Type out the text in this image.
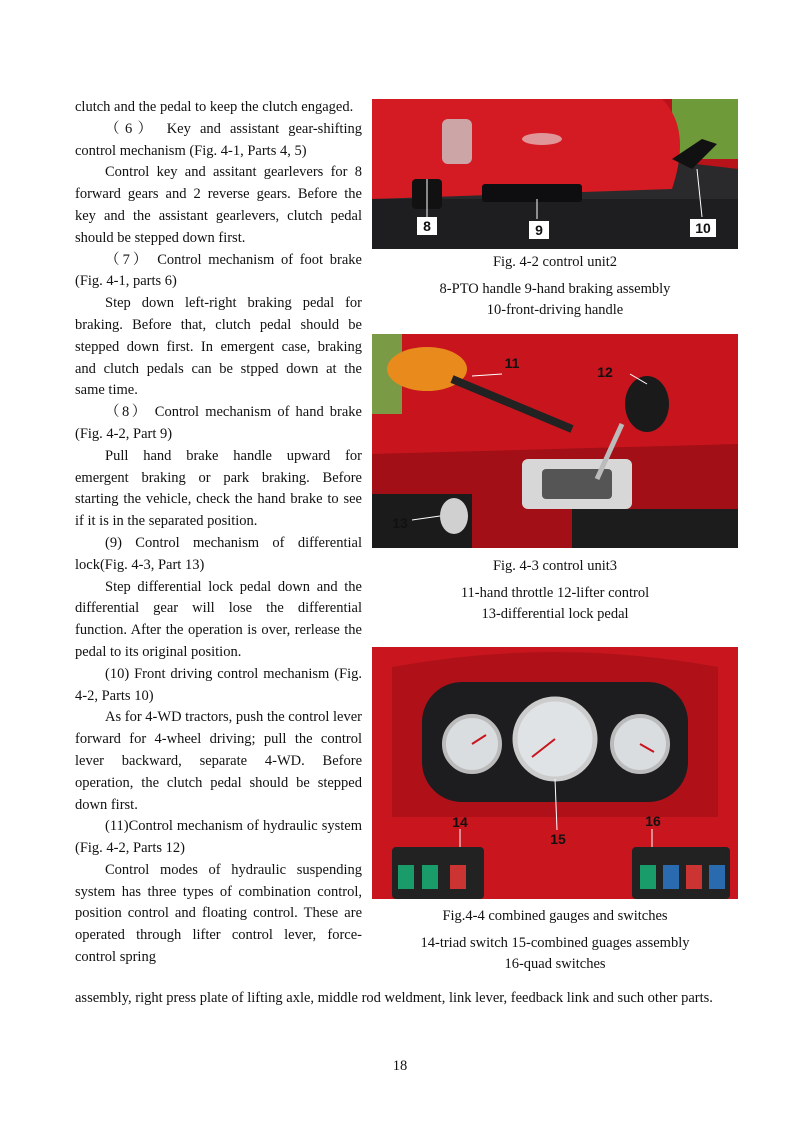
clutch and the pedal to keep the clutch engaged.

（6） Key and assistant gear-shifting control mechanism (Fig. 4-1, Parts 4, 5)

Control key and assitant gearlevers for 8 forward gears and 2 reverse gears. Before the key and the assistant gearlevers, clutch pedal should be stepped down first.

（7） Control mechanism of foot brake (Fig. 4-1, parts 6)

Step down left-right braking pedal for braking. Before that, clutch pedal should be stepped down first. In emergent case, braking and clutch pedals can be stpped down at the same time.

（8） Control mechanism of hand brake (Fig. 4-2, Part 9)

Pull hand brake handle upward for emergent braking or park braking. Before starting the vehicle, check the hand brake to see if it is in the separated position.

(9) Control mechanism of differential lock(Fig. 4-3, Part 13)

Step differential lock pedal down and the differential gear will lose the differential function. After the operation is over, rerlease the pedal to its original position.

(10) Front driving control mechanism (Fig. 4-2, Parts 10)

As for 4-WD tractors, push the control lever forward for 4-wheel driving; pull the control lever backward, separate 4-WD. Before operation, the clutch pedal should be stepped down first.

(11)Control mechanism of hydraulic system (Fig. 4-2, Parts 12)

Control modes of hydraulic suspending system has three types of combination control, position control and floating control. These are operated through lifter control lever, force-control spring

assembly, right press plate of lifting axle, middle rod weldment, link lever, feedback link and such other parts.
8	9	10
Fig. 4-2 control unit2
8-PTO handle 9-hand braking assembly
10-front-driving handle
11
12
13
Fig. 4-3 control unit3
11-hand throttle 12-lifter control
13-differential lock pedal
14
15
16
Fig.4-4 combined gauges and switches
14-triad switch 15-combined guages assembly
16-quad switches
18
